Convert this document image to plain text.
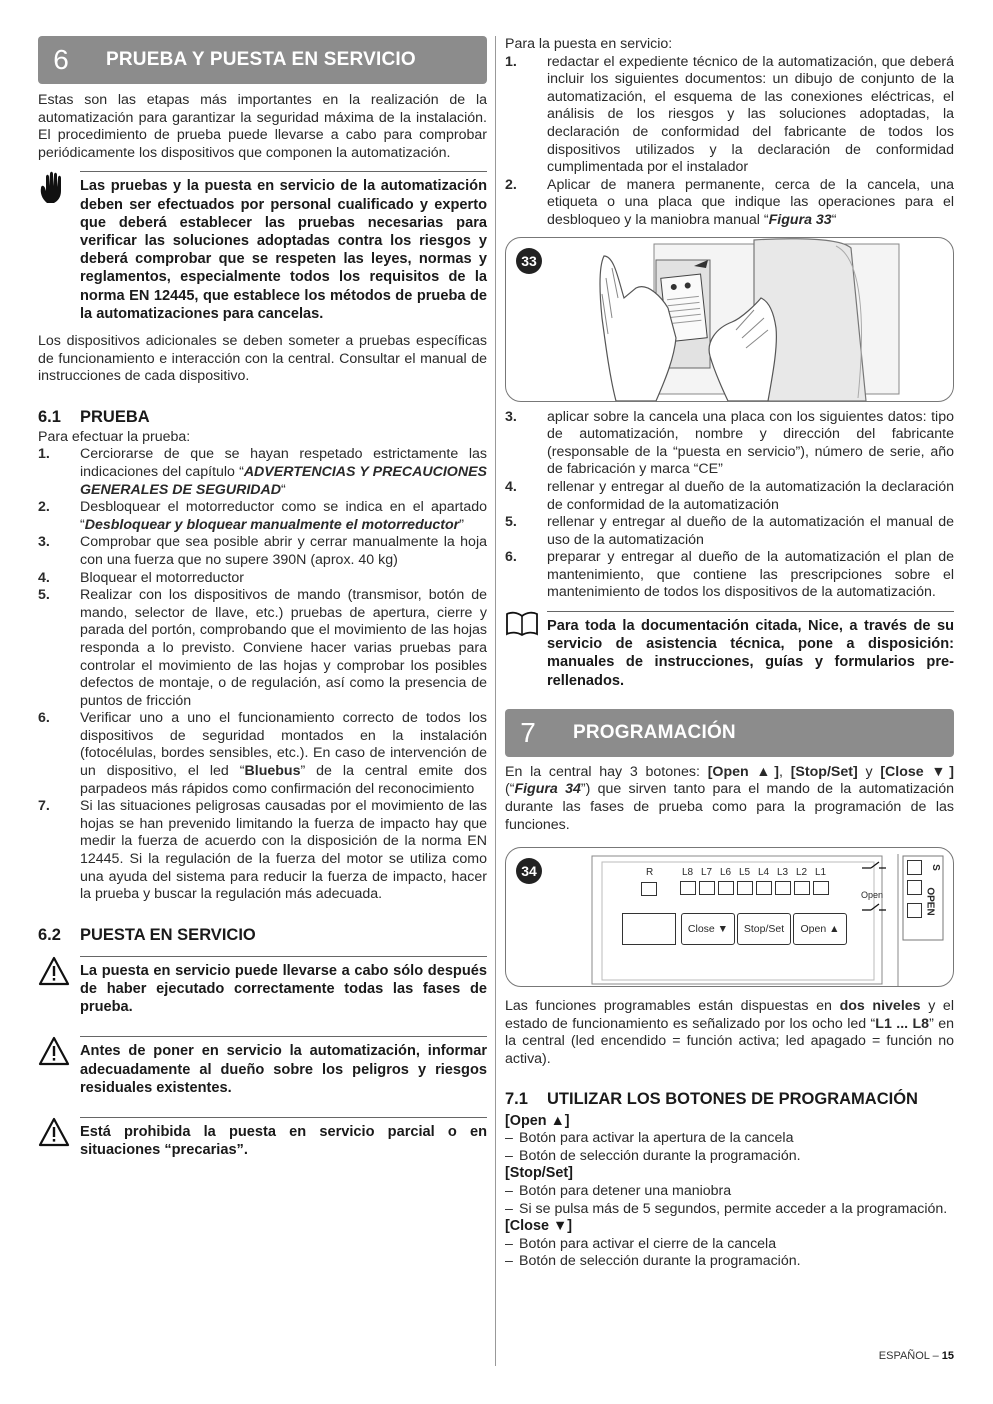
6	PRUEBA Y PUESTA EN SERVICIO

Estas son las etapas más importantes en la realización de la automatización para garantizar la seguridad máxima de la instalación. El procedimiento de prueba puede llevarse a cabo para comprobar periódicamente los dispositivos que componen la automatización.

Las pruebas y la puesta en servicio de la automatización deben ser efectuados por personal cualificado y experto que deberá establecer las pruebas necesarias para verificar las soluciones adoptadas contra los riesgos y deberá comprobar que se respeten las leyes, normas y reglamentos, especialmente todos los requisitos de la norma EN 12445, que establece los métodos de prueba de la automatizaciones para cancelas.

Los dispositivos adicionales se deben someter a pruebas específicas de funcionamiento e interacción con la central. Consultar el manual de instrucciones de cada dispositivo.

6.1	PRUEBA

Para efectuar la prueba:

1.	Cerciorarse de que se hayan respetado estrictamente las indicaciones del capítulo “ADVERTENCIAS Y PRECAUCIONES GENERALES DE SEGURIDAD“
2.	Desbloquear el motorreductor como se indica en el apartado “Desbloquear y bloquear manualmente el motorreductor”
3.	Comprobar que sea posible abrir y cerrar manualmente la hoja con una fuerza que no supere 390N (aprox. 40 kg)
4.	Bloquear el motorreductor
5.	Realizar con los dispositivos de mando (transmisor, botón de mando, selector de llave, etc.) pruebas de apertura, cierre y parada del portón, comprobando que el movimiento de las hojas responda a lo previsto. Conviene hacer varias pruebas para controlar el movimiento de las hojas y comprobar los posibles defectos de montaje, o de regulación, así como la presencia de puntos de fricción
6.	Verificar uno a uno el funcionamiento correcto de todos los dispositivos de seguridad montados en la instalación (fotocélulas, bordes sensibles, etc.). En caso de intervención de un dispositivo, el led “Bluebus” de la central emite dos parpadeos más rápidos como confirmación del reconocimiento
7.	Si las situaciones peligrosas causadas por el movimiento de las hojas se han prevenido limitando la fuerza de impacto hay que medir la fuerza de acuerdo con la disposición de la norma EN 12445. Si la regulación de la fuerza del motor se utiliza como una ayuda del sistema para reducir la fuerza de impacto, hacer la prueba y buscar la regulación más adecuada.
6.2	PUESTA EN SERVICIO

La puesta en servicio puede llevarse a cabo sólo después de haber ejecutado correctamente todas las fases de prueba.

Antes de poner en servicio la automatización, informar adecuadamente al dueño sobre los peligros y riesgos residuales existentes.

Está prohibida la puesta en servicio parcial o en situaciones “precarias”.

Para la puesta en servicio:

1.	redactar el expediente técnico de la automatización, que deberá incluir los siguientes documentos: un dibujo de conjunto de la automatización, el esquema de las conexiones eléctricas, el análisis de los riesgos y las soluciones adoptadas, la declaración de conformidad del fabricante de todos los dispositivos utilizados y la declaración de conformidad cumplimentada por el instalador
2.	Aplicar de manera permanente, cerca de la cancela, una etiqueta o una placa que indique las operaciones para el desbloqueo y la maniobra manual “Figura 33“
33
3.	aplicar sobre la cancela una placa con los siguientes datos: tipo de automatización, nombre y dirección del fabricante (responsable de la “puesta en servicio”), número de serie, año de fabricación y marca “CE”
4.	rellenar y entregar al dueño de la automatización la declaración de conformidad de la automatización
5.	rellenar y entregar al dueño de la automatización el manual de uso de la automatización
6.	preparar y entregar al dueño de la automatización el plan de mantenimiento, que contiene las prescripciones sobre el mantenimiento de todos los dispositivos de la automatización.

Para toda la documentación citada, Nice, a través de su servicio de asistencia técnica, pone a disposición: manuales de instrucciones, guías y formularios pre-rellenados.

7	PROGRAMACIÓN

En la central hay 3 botones: [Open ▲], [Stop/Set] y [Close ▼] (“Figura 34”) que sirven tanto para el mando de la automatización durante las fases de prueba como para la programación de las funciones.

34	R	L8 L7 L6 L5 L4 L3 L2 L1
Close ▼	Stop/Set	Open ▲
Open
S
OPEN

Las funciones programables están dispuestas en dos niveles y el estado de funcionamiento es señalizado por los ocho led “L1 ... L8” en la central (led encendido = función activa; led apagado = función no activa).

7.1	UTILIZAR LOS BOTONES DE PROGRAMACIÓN
[Open ▲]
– Botón para activar la apertura de la cancela
– Botón de selección durante la programación.
[Stop/Set]
– Botón para detener una maniobra
– Si se pulsa más de 5 segundos, permite acceder a la programación.
[Close ▼]
– Botón para activar el cierre de la cancela
– Botón de selección durante la programación.
ESPAÑOL – 15
